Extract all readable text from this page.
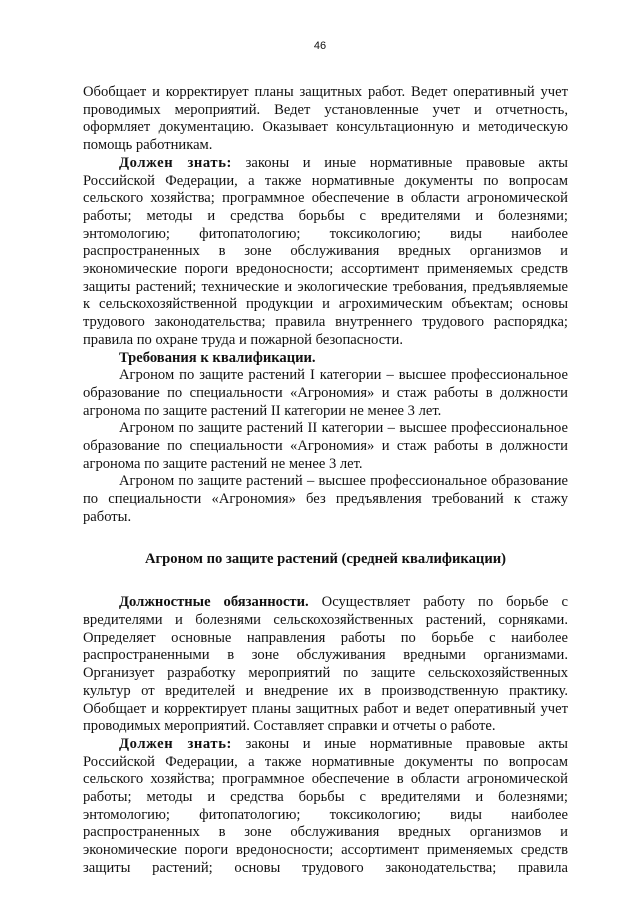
46

Обобщает и корректирует планы защитных работ. Ведет оперативный учет проводимых мероприятий. Ведет установленные учет и отчетность, оформляет документацию. Оказывает консультационную и методическую помощь работникам.

Должен знать: законы и иные нормативные правовые акты Российской Федерации, а также нормативные документы по вопросам сельского хозяйства; программное обеспечение в области агрономической работы; методы и средства борьбы с вредителями и болезнями; энтомологию; фитопатологию; токсикологию; виды наиболее распространенных в зоне обслуживания вредных организмов и экономические пороги вредоносности; ассортимент применяемых средств защиты растений; технические и экологические требования, предъявляемые к сельскохозяйственной продукции и агрохимическим объектам; основы трудового законодательства; правила внутреннего трудового распорядка; правила по охране труда и пожарной безопасности.

Требования к квалификации.

Агроном по защите растений I категории – высшее профессиональное образование по специальности «Агрономия» и стаж работы в должности агронома по защите растений II категории не менее 3 лет.

Агроном по защите растений II категории – высшее профессиональное образование по специальности «Агрономия» и стаж работы в должности агронома по защите растений не менее 3 лет.

Агроном по защите растений – высшее профессиональное образование по специальности «Агрономия» без предъявления требований к стажу работы.

Агроном по защите растений (средней квалификации)

Должностные обязанности. Осуществляет работу по борьбе с вредителями и болезнями сельскохозяйственных растений, сорняками. Определяет основные направления работы по борьбе с наиболее распространенными в зоне обслуживания вредными организмами. Организует разработку мероприятий по защите сельскохозяйственных культур от вредителей и внедрение их в производственную практику. Обобщает и корректирует планы защитных работ и ведет оперативный учет проводимых мероприятий. Составляет справки и отчеты о работе.

Должен знать: законы и иные нормативные правовые акты Российской Федерации, а также нормативные документы по вопросам сельского хозяйства; программное обеспечение в области агрономической работы; методы и средства борьбы с вредителями и болезнями; энтомологию; фитопатологию; токсикологию; виды наиболее распространенных в зоне обслуживания вредных организмов и экономические пороги вредоносности; ассортимент применяемых средств защиты растений; основы трудового законодательства; правила
